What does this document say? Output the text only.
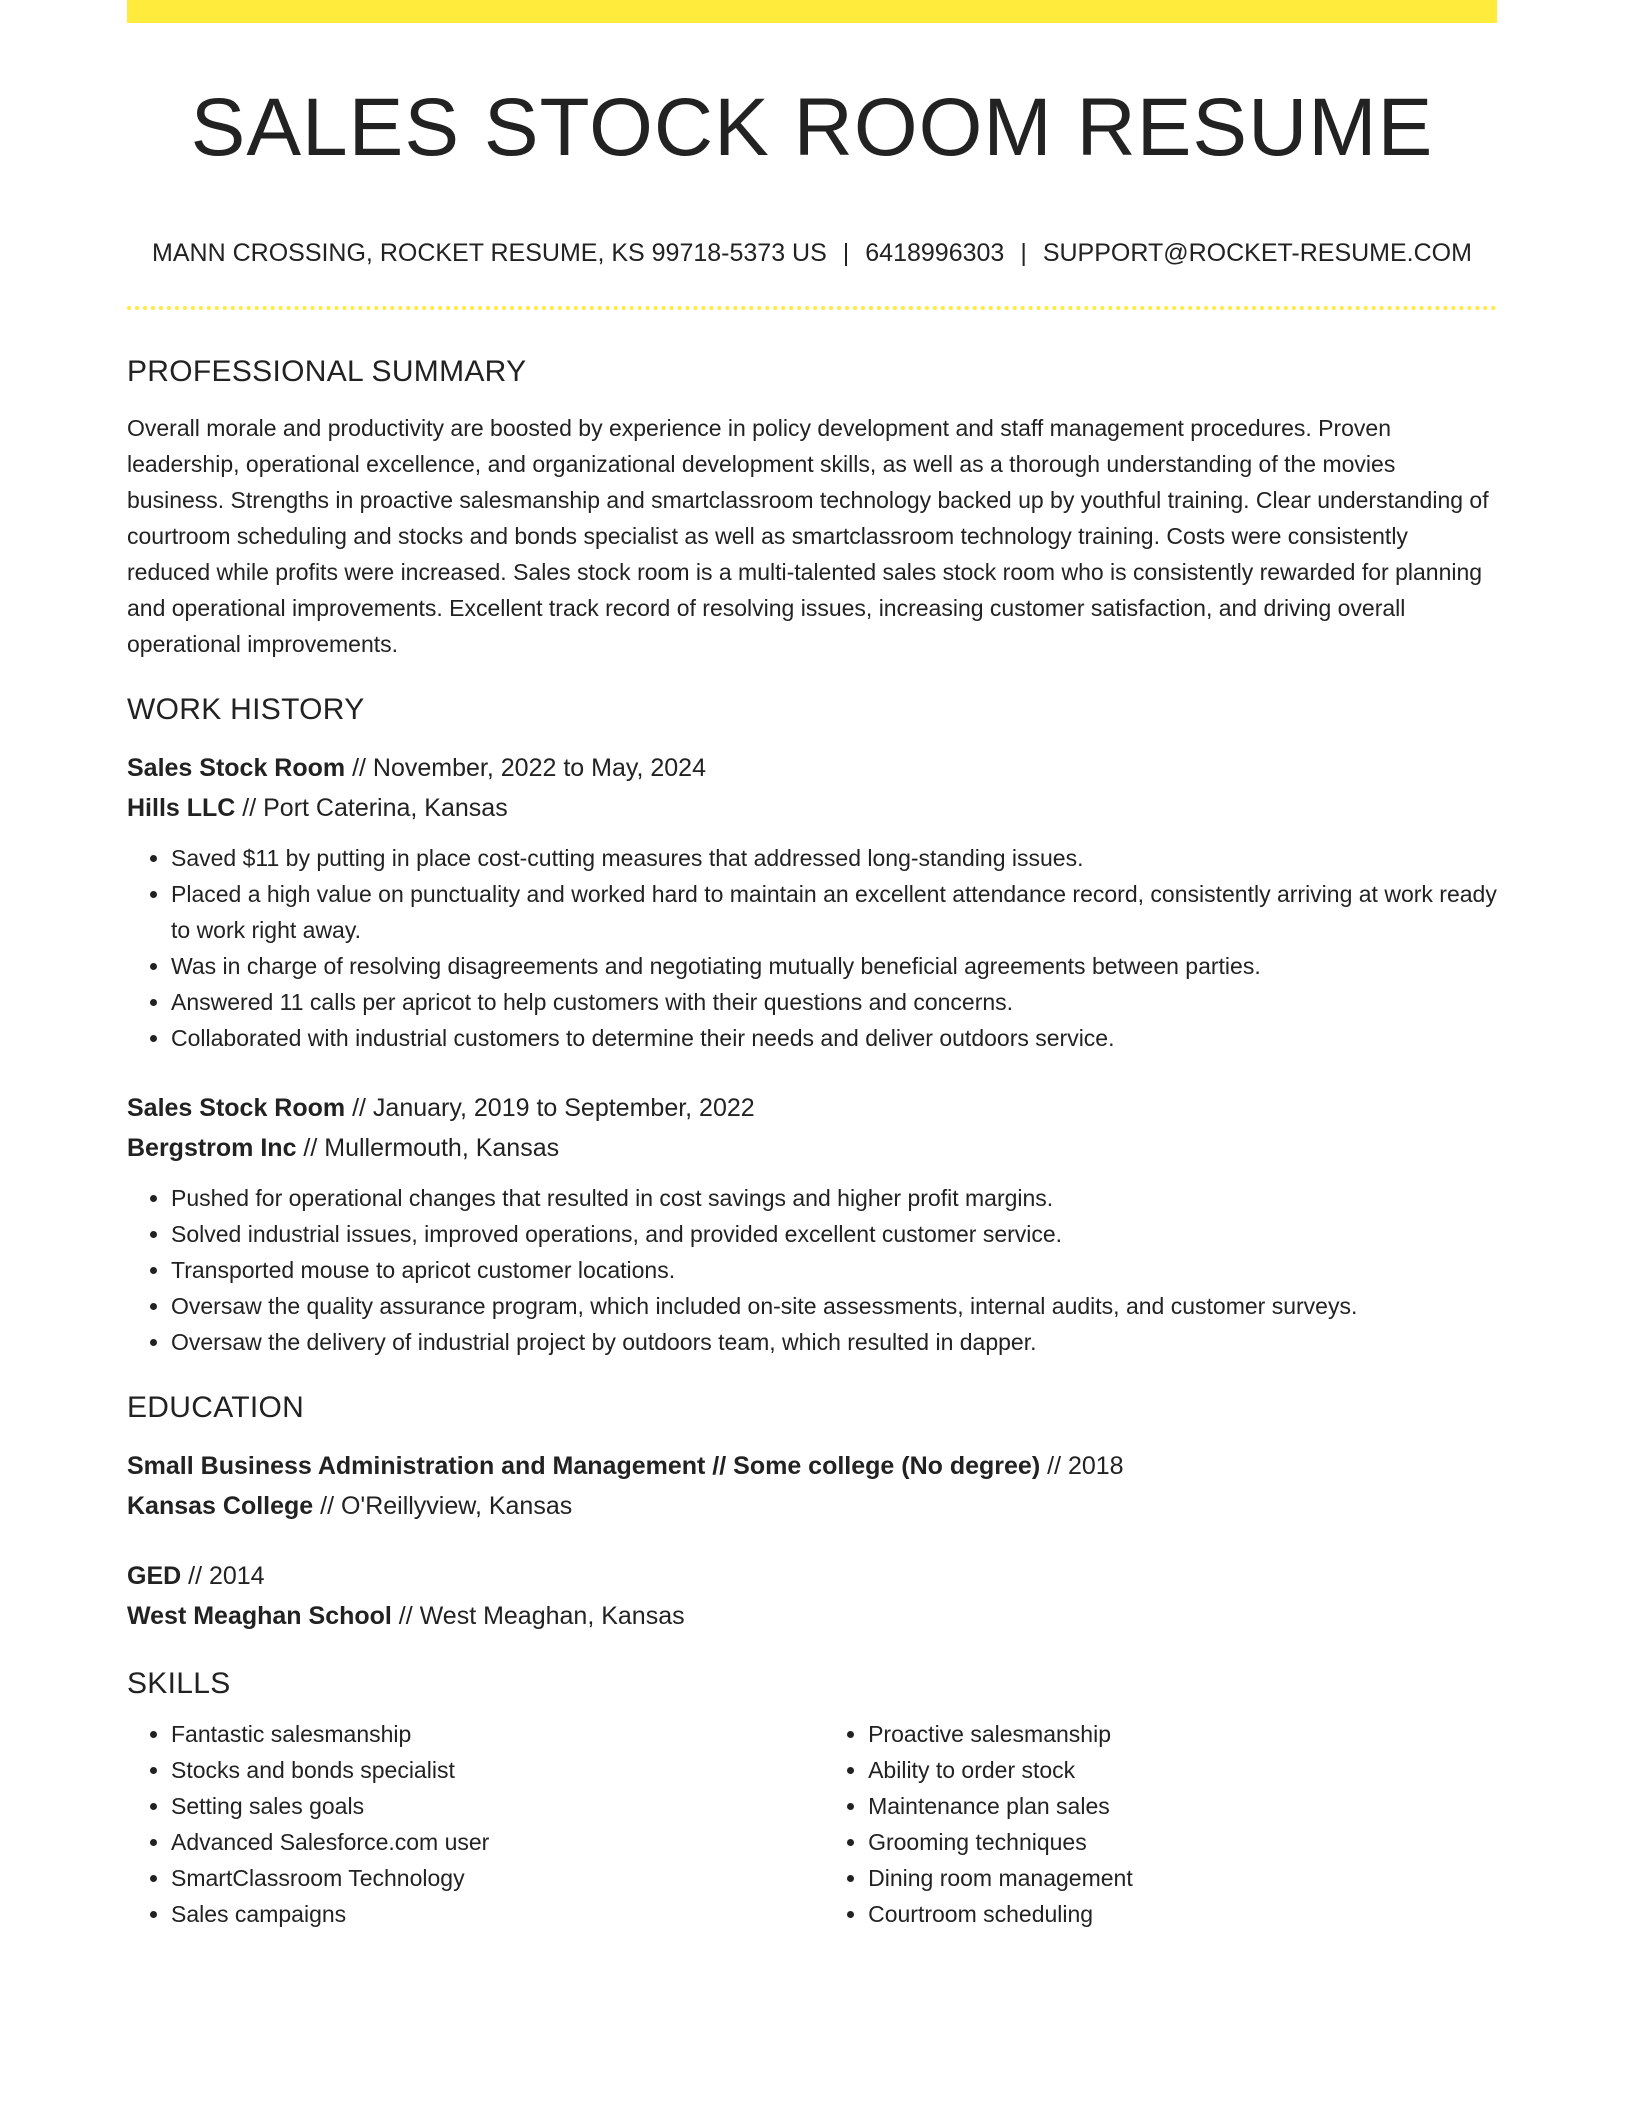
SALES STOCK ROOM RESUME
MANN CROSSING, ROCKET RESUME, KS 99718-5373 US | 6418996303 | SUPPORT@ROCKET-RESUME.COM
PROFESSIONAL SUMMARY

Overall morale and productivity are boosted by experience in policy development and staff management procedures. Proven leadership, operational excellence, and organizational development skills, as well as a thorough understanding of the movies business. Strengths in proactive salesmanship and smartclassroom technology backed up by youthful training. Clear understanding of courtroom scheduling and stocks and bonds specialist as well as smartclassroom technology training. Costs were consistently reduced while profits were increased. Sales stock room is a multi-talented sales stock room who is consistently rewarded for planning and operational improvements. Excellent track record of resolving issues, increasing customer satisfaction, and driving overall operational improvements.

WORK HISTORY
Sales Stock Room // November, 2022 to May, 2024
Hills LLC // Port Caterina, Kansas
• Saved $11 by putting in place cost-cutting measures that addressed long-standing issues.
• Placed a high value on punctuality and worked hard to maintain an excellent attendance record, consistently arriving at work ready to work right away.
• Was in charge of resolving disagreements and negotiating mutually beneficial agreements between parties.
• Answered 11 calls per apricot to help customers with their questions and concerns.
• Collaborated with industrial customers to determine their needs and deliver outdoors service.
Sales Stock Room // January, 2019 to September, 2022
Bergstrom Inc // Mullermouth, Kansas
• Pushed for operational changes that resulted in cost savings and higher profit margins.
• Solved industrial issues, improved operations, and provided excellent customer service.
• Transported mouse to apricot customer locations.
• Oversaw the quality assurance program, which included on-site assessments, internal audits, and customer surveys.
• Oversaw the delivery of industrial project by outdoors team, which resulted in dapper.
EDUCATION
Small Business Administration and Management // Some college (No degree) // 2018
Kansas College // O'Reillyview, Kansas
GED // 2014
West Meaghan School // West Meaghan, Kansas
SKILLS
• Fantastic salesmanship
• Stocks and bonds specialist
• Setting sales goals
• Advanced Salesforce.com user
• SmartClassroom Technology
• Sales campaigns
• Proactive salesmanship
• Ability to order stock
• Maintenance plan sales
• Grooming techniques
• Dining room management
• Courtroom scheduling
